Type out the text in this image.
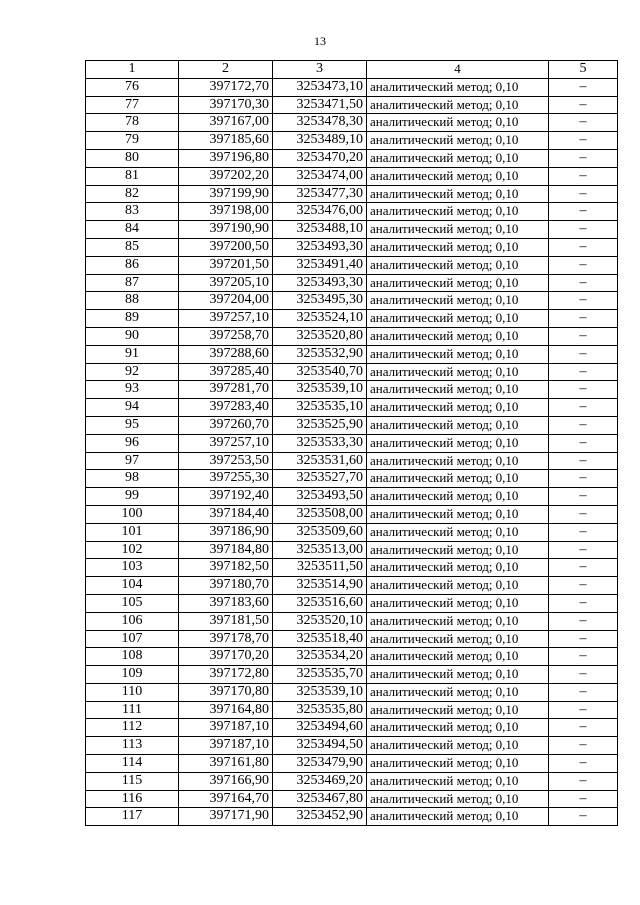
13
1	2	3	4	5
76	397172,70	3253473,10	аналитический метод; 0,10	–
77	397170,30	3253471,50	аналитический метод; 0,10	–
78	397167,00	3253478,30	аналитический метод; 0,10	–
79	397185,60	3253489,10	аналитический метод; 0,10	–
80	397196,80	3253470,20	аналитический метод; 0,10	–
81	397202,20	3253474,00	аналитический метод; 0,10	–
82	397199,90	3253477,30	аналитический метод; 0,10	–
83	397198,00	3253476,00	аналитический метод; 0,10	–
84	397190,90	3253488,10	аналитический метод; 0,10	–
85	397200,50	3253493,30	аналитический метод; 0,10	–
86	397201,50	3253491,40	аналитический метод; 0,10	–
87	397205,10	3253493,30	аналитический метод; 0,10	–
88	397204,00	3253495,30	аналитический метод; 0,10	–
89	397257,10	3253524,10	аналитический метод; 0,10	–
90	397258,70	3253520,80	аналитический метод; 0,10	–
91	397288,60	3253532,90	аналитический метод; 0,10	–
92	397285,40	3253540,70	аналитический метод; 0,10	–
93	397281,70	3253539,10	аналитический метод; 0,10	–
94	397283,40	3253535,10	аналитический метод; 0,10	–
95	397260,70	3253525,90	аналитический метод; 0,10	–
96	397257,10	3253533,30	аналитический метод; 0,10	–
97	397253,50	3253531,60	аналитический метод; 0,10	–
98	397255,30	3253527,70	аналитический метод; 0,10	–
99	397192,40	3253493,50	аналитический метод; 0,10	–
100	397184,40	3253508,00	аналитический метод; 0,10	–
101	397186,90	3253509,60	аналитический метод; 0,10	–
102	397184,80	3253513,00	аналитический метод; 0,10	–
103	397182,50	3253511,50	аналитический метод; 0,10	–
104	397180,70	3253514,90	аналитический метод; 0,10	–
105	397183,60	3253516,60	аналитический метод; 0,10	–
106	397181,50	3253520,10	аналитический метод; 0,10	–
107	397178,70	3253518,40	аналитический метод; 0,10	–
108	397170,20	3253534,20	аналитический метод; 0,10	–
109	397172,80	3253535,70	аналитический метод; 0,10	–
110	397170,80	3253539,10	аналитический метод; 0,10	–
111	397164,80	3253535,80	аналитический метод; 0,10	–
112	397187,10	3253494,60	аналитический метод; 0,10	–
113	397187,10	3253494,50	аналитический метод; 0,10	–
114	397161,80	3253479,90	аналитический метод; 0,10	–
115	397166,90	3253469,20	аналитический метод; 0,10	–
116	397164,70	3253467,80	аналитический метод; 0,10	–
117	397171,90	3253452,90	аналитический метод; 0,10	–
